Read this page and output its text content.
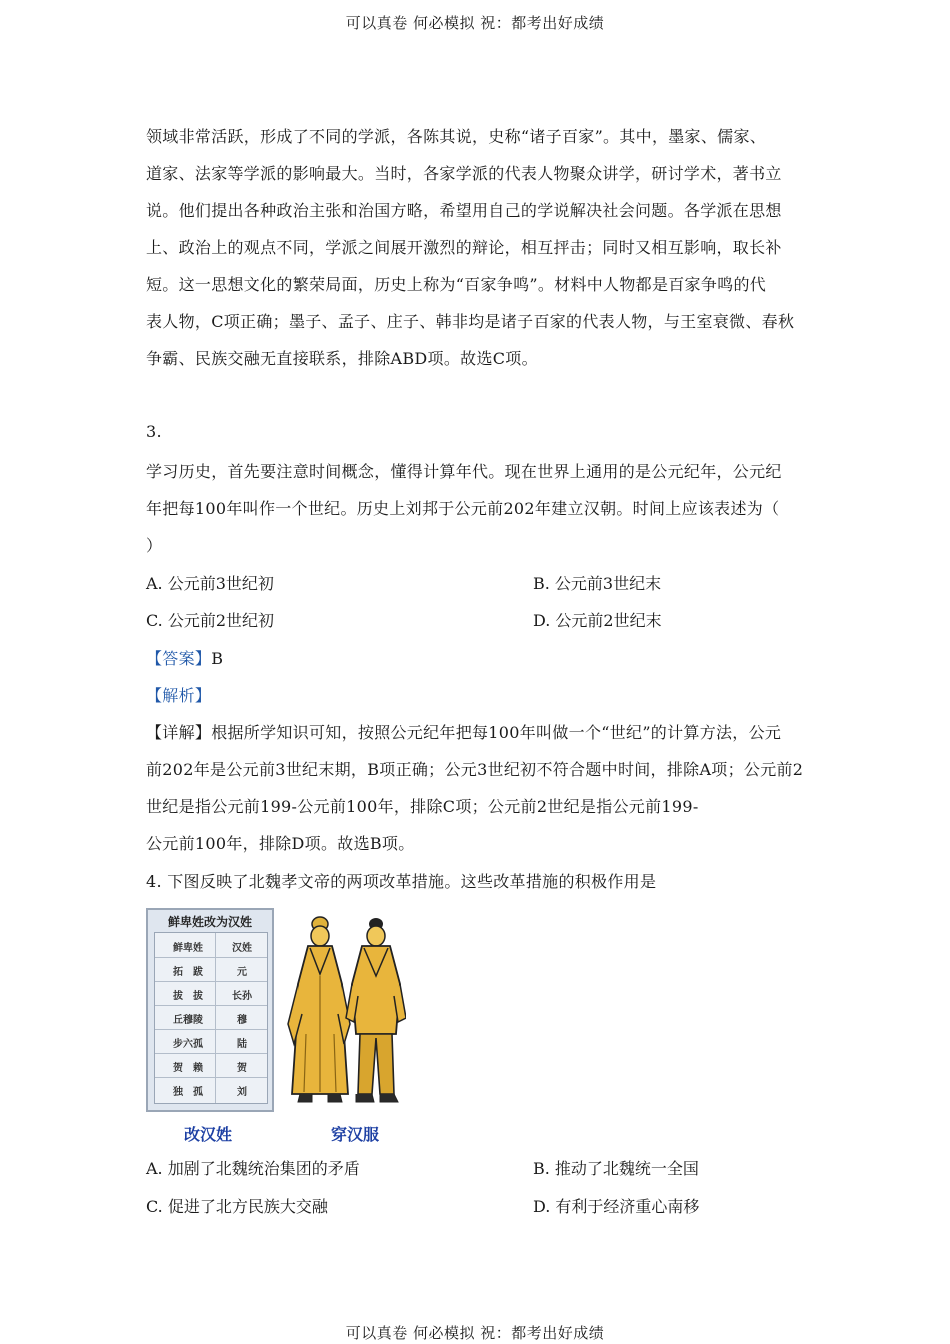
可以真卷 何必模拟 祝：都考出好成绩
领域非常活跃，形成了不同的学派，各陈其说，史称“诸子百家”。其中，墨家、儒家、
道家、法家等学派的影响最大。当时，各家学派的代表人物聚众讲学，研讨学术，著书立
说。他们提出各种政治主张和治国方略，希望用自己的学说解决社会问题。各学派在思想
上、政治上的观点不同，学派之间展开激烈的辩论，相互抨击；同时又相互影响，取长补
短。这一思想文化的繁荣局面，历史上称为“百家争鸣”。材料中人物都是百家争鸣的代
表人物，C项正确；墨子、孟子、庄子、韩非均是诸子百家的代表人物，与王室衰微、春秋
争霸、民族交融无直接联系，排除ABD项。故选C项。
3.
学习历史，首先要注意时间概念，懂得计算年代。现在世界上通用的是公元纪年，公元纪
年把每100年叫作一个世纪。历史上刘邦于公元前202年建立汉朝。时间上应该表述为（
）
A. 公元前3世纪初	B. 公元前3世纪末
C. 公元前2世纪初	D. 公元前2世纪末
【答案】B
【解析】
【详解】根据所学知识可知，按照公元纪年把每100年叫做一个“世纪”的计算方法，公元
前202年是公元前3世纪末期，B项正确；公元3世纪初不符合题中时间，排除A项；公元前2
世纪是指公元前199-公元前100年，排除C项；公元前2世纪是指公元前199-
公元前100年，排除D项。故选B项。
4. 下图反映了北魏孝文帝的两项改革措施。这些改革措施的积极作用是
鲜卑姓改为汉姓
鲜卑姓	汉姓
拓　跋	元
拔　拔	长孙
丘穆陵	穆
步六孤	陆
贺　赖	贺
独　孤	刘
改汉姓	穿汉服
A. 加剧了北魏统治集团的矛盾	B. 推动了北魏统一全国
C. 促进了北方民族大交融	D. 有利于经济重心南移
可以真卷 何必模拟 祝：都考出好成绩
